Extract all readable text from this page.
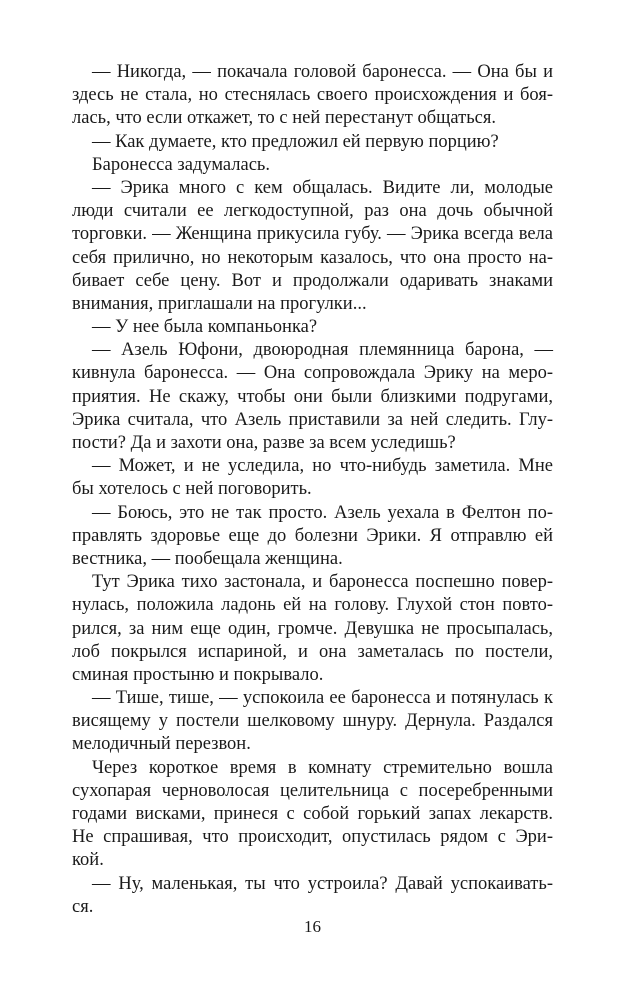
— Никогда, — покачала головой баронесса. — Она бы и
здесь не стала, но стеснялась своего происхождения и боя-
лась, что если откажет, то с ней перестанут общаться.
— Как думаете, кто предложил ей первую порцию?
Баронесса задумалась.
— Эрика много с кем общалась. Видите ли, молодые
люди считали ее легкодоступной, раз она дочь обычной
торговки. — Женщина прикусила губу. — Эрика всегда вела
себя прилично, но некоторым казалось, что она просто на-
бивает себе цену. Вот и продолжали одаривать знаками
внимания, приглашали на прогулки...
— У нее была компаньонка?
— Азель Юфони, двоюродная племянница барона, —
кивнула баронесса. — Она сопровождала Эрику на меро-
приятия. Не скажу, чтобы они были близкими подругами,
Эрика считала, что Азель приставили за ней следить. Глу-
пости? Да и захоти она, разве за всем уследишь?
— Может, и не уследила, но что-нибудь заметила. Мне
бы хотелось с ней поговорить.
— Боюсь, это не так просто. Азель уехала в Фелтон по-
правлять здоровье еще до болезни Эрики. Я отправлю ей
вестника, — пообещала женщина.
Тут Эрика тихо застонала, и баронесса поспешно повер-
нулась, положила ладонь ей на голову. Глухой стон повто-
рился, за ним еще один, громче. Девушка не просыпалась,
лоб покрылся испариной, и она заметалась по постели,
сминая простыню и покрывало.
— Тише, тише, — успокоила ее баронесса и потянулась к
висящему у постели шелковому шнуру. Дернула. Раздался
мелодичный перезвон.
Через короткое время в комнату стремительно вошла
сухопарая черноволосая целительница с посеребренными
годами висками, принеся с собой горький запах лекарств.
Не спрашивая, что происходит, опустилась рядом с Эри-
кой.
— Ну, маленькая, ты что устроила? Давай успокаивать-
ся.
16
